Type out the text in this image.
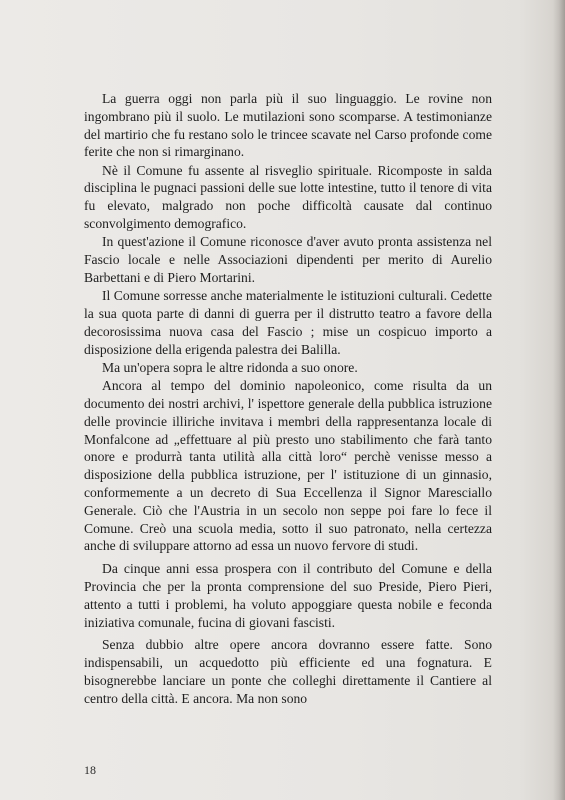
La guerra oggi non parla più il suo linguaggio. Le rovine non ingombrano più il suolo. Le mutilazioni sono scomparse. A testimonianze del martirio che fu restano solo le trincee scavate nel Carso profonde come ferite che non si rimarginano.

Nè il Comune fu assente al risveglio spirituale. Ricomposte in salda disciplina le pugnaci passioni delle sue lotte intestine, tutto il tenore di vita fu elevato, malgrado non poche difficoltà causate dal continuo sconvolgimento demografico.

In quest'azione il Comune riconosce d'aver avuto pronta assistenza nel Fascio locale e nelle Associazioni dipendenti per merito di Aurelio Barbettani e di Piero Mortarini.

Il Comune sorresse anche materialmente le istituzioni culturali. Cedette la sua quota parte di danni di guerra per il distrutto teatro a favore della decorosissima nuova casa del Fascio ; mise un cospicuo importo a disposizione della erigenda palestra dei Balilla.

Ma un'opera sopra le altre ridonda a suo onore.

Ancora al tempo del dominio napoleonico, come risulta da un documento dei nostri archivi, l' ispettore generale della pubblica istruzione delle provincie illiriche invitava i membri della rappresentanza locale di Monfalcone ad „effettuare al più presto uno stabilimento che farà tanto onore e produrrà tanta utilità alla città loro“ perchè venisse messo a disposizione della pubblica istruzione, per l' istituzione di un ginnasio, conformemente a un decreto di Sua Eccellenza il Signor Maresciallo Generale. Ciò che l'Austria in un secolo non seppe poi fare lo fece il Comune. Creò una scuola media, sotto il suo patronato, nella certezza anche di sviluppare attorno ad essa un nuovo fervore di studi.

Da cinque anni essa prospera con il contributo del Comune e della Provincia che per la pronta comprensione del suo Preside, Piero Pieri, attento a tutti i problemi, ha voluto appoggiare questa nobile e feconda iniziativa comunale, fucina di giovani fascisti.

Senza dubbio altre opere ancora dovranno essere fatte. Sono indispensabili, un acquedotto più efficiente ed una fognatura. E bisognerebbe lanciare un ponte che colleghi direttamente il Cantiere al centro della città. E ancora. Ma non sono

18
